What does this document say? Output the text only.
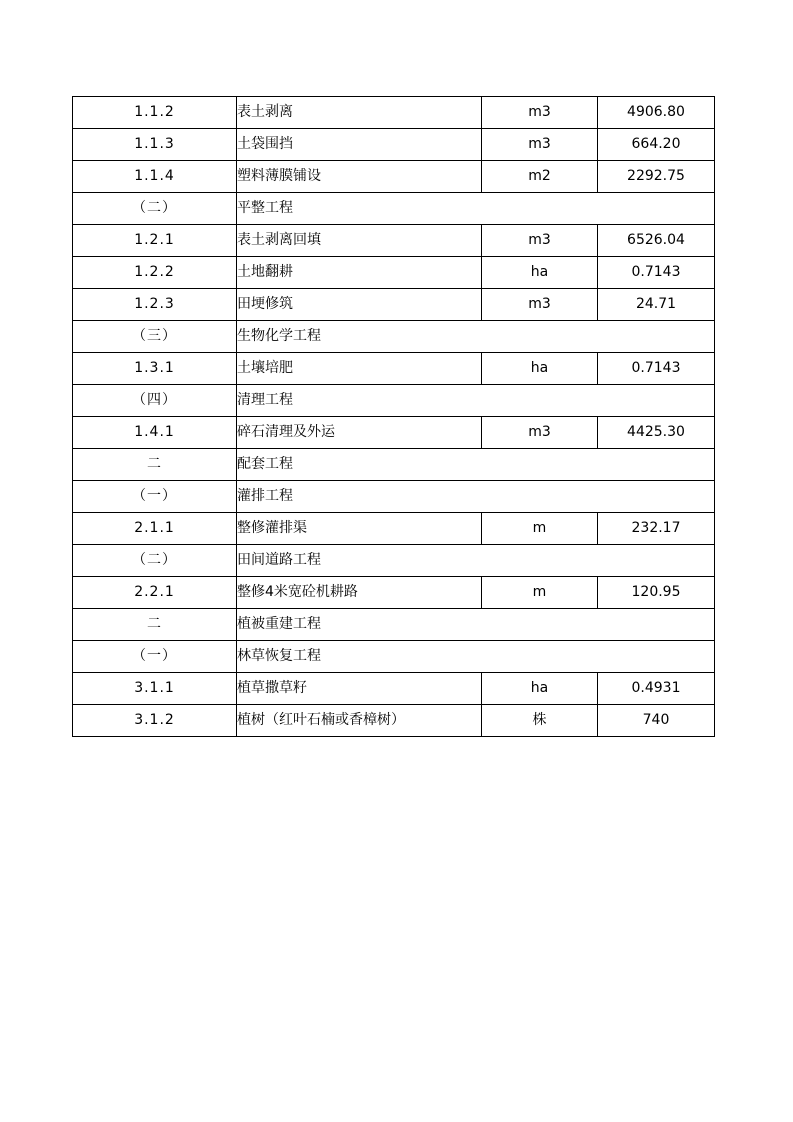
1.1.2	表土剥离	m3	4906.80
1.1.3	土袋围挡	m3	664.20
1.1.4	塑料薄膜铺设	m2	2292.75
（二）	平整工程		
1.2.1	表土剥离回填	m3	6526.04
1.2.2	土地翻耕	ha	0.7143
1.2.3	田埂修筑	m3	24.71
（三）	生物化学工程		
1.3.1	土壤培肥	ha	0.7143
（四）	清理工程		
1.4.1	碎石清理及外运	m3	4425.30
二	配套工程		
（一）	灌排工程		
2.1.1	整修灌排渠	m	232.17
（二）	田间道路工程		
2.2.1	整修4米宽砼机耕路	m	120.95
二	植被重建工程		
（一）	林草恢复工程		
3.1.1	植草撒草籽	ha	0.4931
3.1.2	植树（红叶石楠或香樟树）	株	740
